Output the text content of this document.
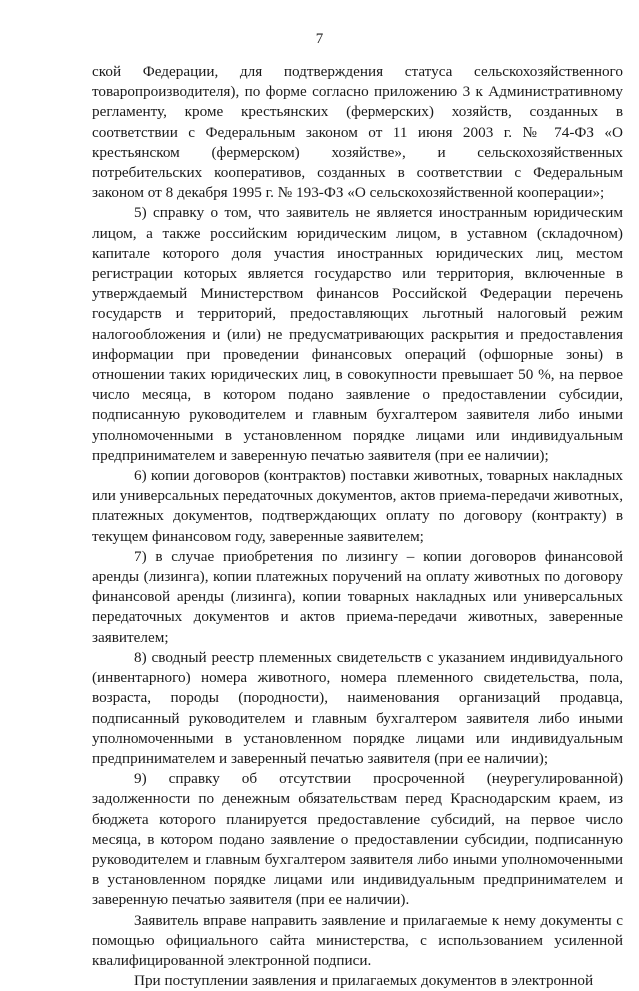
7

ской Федерации, для подтверждения статуса сельскохозяйственного товаропроизводителя), по форме согласно приложению 3 к Административному регламенту, кроме крестьянских (фермерских) хозяйств, созданных в соответствии с Федеральным законом от 11 июня 2003 г. № 74-ФЗ «О крестьянском (фермерском) хозяйстве», и сельскохозяйственных потребительских кооперативов, созданных в соответствии с Федеральным законом от 8 декабря 1995 г. № 193-ФЗ «О сельскохозяйственной кооперации»;

5) справку о том, что заявитель не является иностранным юридическим лицом, а также российским юридическим лицом, в уставном (складочном) капитале которого доля участия иностранных юридических лиц, местом регистрации которых является государство или территория, включенные в утверждаемый Министерством финансов Российской Федерации перечень государств и территорий, предоставляющих льготный налоговый режим налогообложения и (или) не предусматривающих раскрытия и предоставления информации при проведении финансовых операций (офшорные зоны) в отношении таких юридических лиц, в совокупности превышает 50 %, на первое число месяца, в котором подано заявление о предоставлении субсидии, подписанную руководителем и главным бухгалтером заявителя либо иными уполномоченными в установленном порядке лицами или индивидуальным предпринимателем и заверенную печатью заявителя (при ее наличии);

6) копии договоров (контрактов) поставки животных, товарных накладных или универсальных передаточных документов, актов приема-передачи животных, платежных документов, подтверждающих оплату по договору (контракту) в текущем финансовом году, заверенные заявителем;

7) в случае приобретения по лизингу – копии договоров финансовой аренды (лизинга), копии платежных поручений на оплату животных по договору финансовой аренды (лизинга), копии товарных накладных или универсальных передаточных документов и актов приема-передачи животных, заверенные заявителем;

8) сводный реестр племенных свидетельств с указанием индивидуального (инвентарного) номера животного, номера племенного свидетельства, пола, возраста, породы (породности), наименования организаций продавца, подписанный руководителем и главным бухгалтером заявителя либо иными уполномоченными в установленном порядке лицами или индивидуальным предпринимателем и заверенный печатью заявителя (при ее наличии);

9) справку об отсутствии просроченной (неурегулированной) задолженности по денежным обязательствам перед Краснодарским краем, из бюджета которого планируется предоставление субсидий, на первое число месяца, в котором подано заявление о предоставлении субсидии, подписанную руководителем и главным бухгалтером заявителя либо иными уполномоченными в установленном порядке лицами или индивидуальным предпринимателем и заверенную печатью заявителя (при ее наличии).

Заявитель вправе направить заявление и прилагаемые к нему документы с помощью официального сайта министерства, с использованием усиленной квалифицированной электронной подписи.

При поступлении заявления и прилагаемых документов в электронной
